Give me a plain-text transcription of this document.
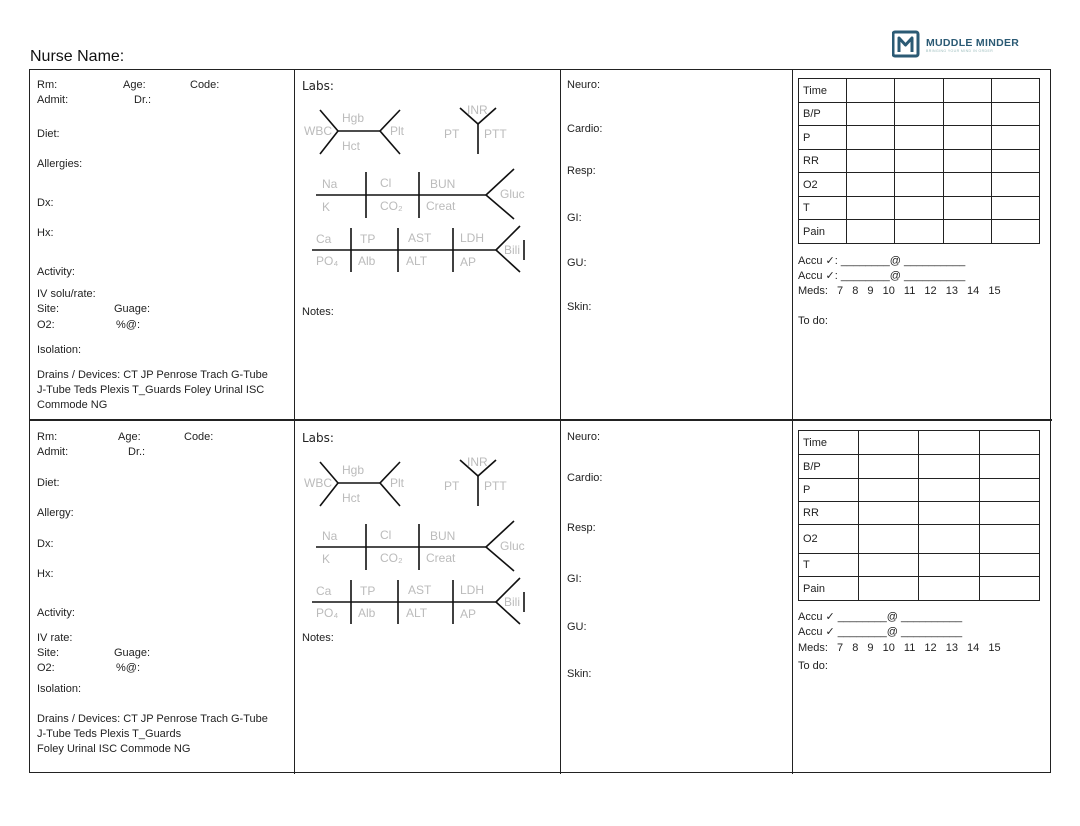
Nurse Name:
MUDDLE MINDER
BRINGING YOUR MIND IN ORDER
Rm:	Age:	Code:
Admit:	Dr.:
Diet:
Allergies:
Dx:
Hx:
Activity:
IV solu/rate:
Site:	Guage:
O2:	%@:
Isolation:
Drains / Devices: CT JP Penrose Trach G-Tube
J-Tube Teds Plexis T_Guards Foley Urinal ISC
Commode NG
Labs:
WBC
Hgb
Hct
Plt
INR
PT PTT
Na	Cl	BUN
K	CO₂ Creat
Gluc
Ca TP	AST LDH
PO₄ Alb	ALT	AP
Bili
Notes:
Neuro:
Cardio:
Resp:
GI:
GU:
Skin:
Time				
B/P				
P				
RR				
O2				
T				
Pain				
Accu ✓: ________@ __________
Accu ✓: ________@ __________
Meds: 7 8 9 10 11 12 13 14 15
To do:
Rm:	Age:	Code:
Admit:	Dr.:
Diet:
Allergy:
Dx:
Hx:
Activity:
IV rate:
Site:	Guage:
O2:	%@:
Isolation:
Drains / Devices: CT JP Penrose Trach G-Tube
J-Tube Teds Plexis T_Guards
Foley Urinal ISC Commode NG
Labs:
WBC
Hgb
Hct
Plt
INR
PT PTT
Na	Cl	BUN
K	CO₂ Creat
Gluc
Ca TP	AST LDH
PO₄ Alb	ALT	AP
Bili
Notes:
Neuro:
Cardio:
Resp:
GI:
GU:
Skin:
Time			
B/P			
P			
RR			
O2			
T			
Pain			
Accu ✓ ________@ __________
Accu ✓ ________@ __________
Meds: 7 8 9 10 11 12 13 14 15
To do:
